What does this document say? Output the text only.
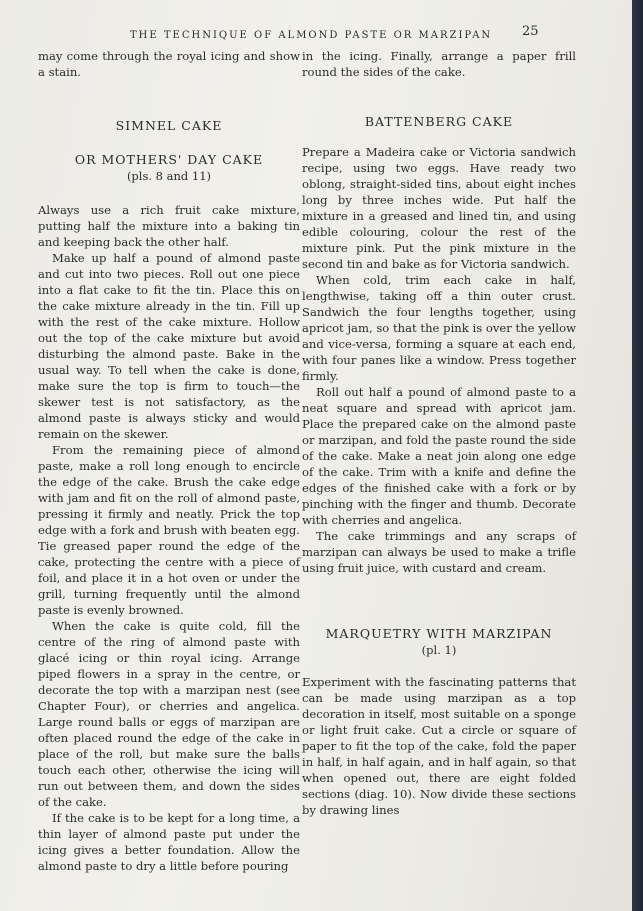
THE TECHNIQUE OF ALMOND PASTE OR MARZIPAN	25

may come through the royal icing and show a stain.

SIMNEL CAKE
OR MOTHERS' DAY CAKE
(pls. 8 and 11)

Always use a rich fruit cake mixture, putting half the mixture into a baking tin and keeping back the other half.

Make up half a pound of almond paste and cut into two pieces. Roll out one piece into a flat cake to fit the tin. Place this on the cake mixture already in the tin. Fill up with the rest of the cake mixture. Hollow out the top of the cake mixture but avoid disturbing the almond paste. Bake in the usual way. To tell when the cake is done, make sure the top is firm to touch—the skewer test is not satisfactory, as the almond paste is always sticky and would remain on the skewer.

From the remaining piece of almond paste, make a roll long enough to encircle the edge of the cake. Brush the cake edge with jam and fit on the roll of almond paste, pressing it firmly and neatly. Prick the top edge with a fork and brush with beaten egg. Tie greased paper round the edge of the cake, protecting the centre with a piece of foil, and place it in a hot oven or under the grill, turning frequently until the almond paste is evenly browned.

When the cake is quite cold, fill the centre of the ring of almond paste with glacé icing or thin royal icing. Arrange piped flowers in a spray in the centre, or decorate the top with a marzipan nest (see Chapter Four), or cherries and angelica. Large round balls or eggs of marzipan are often placed round the edge of the cake in place of the roll, but make sure the balls touch each other, otherwise the icing will run out between them, and down the sides of the cake.

If the cake is to be kept for a long time, a thin layer of almond paste put under the icing gives a better foundation. Allow the almond paste to dry a little before pouring

in the icing. Finally, arrange a paper frill round the sides of the cake.

BATTENBERG CAKE

Prepare a Madeira cake or Victoria sandwich recipe, using two eggs. Have ready two oblong, straight-sided tins, about eight inches long by three inches wide. Put half the mixture in a greased and lined tin, and using edible colouring, colour the rest of the mixture pink. Put the pink mixture in the second tin and bake as for Victoria sandwich.

When cold, trim each cake in half, lengthwise, taking off a thin outer crust. Sandwich the four lengths together, using apricot jam, so that the pink is over the yellow and vice-versa, forming a square at each end, with four panes like a window. Press together firmly.

Roll out half a pound of almond paste to a neat square and spread with apricot jam. Place the prepared cake on the almond paste or marzipan, and fold the paste round the side of the cake. Make a neat join along one edge of the cake. Trim with a knife and define the edges of the finished cake with a fork or by pinching with the finger and thumb. Decorate with cherries and angelica.

The cake trimmings and any scraps of marzipan can always be used to make a trifle using fruit juice, with custard and cream.

MARQUETRY WITH MARZIPAN
(pl. 1)

Experiment with the fascinating patterns that can be made using marzipan as a top decoration in itself, most suitable on a sponge or light fruit cake. Cut a circle or square of paper to fit the top of the cake, fold the paper in half, in half again, and in half again, so that when opened out, there are eight folded sections (diag. 10). Now divide these sections by drawing lines
